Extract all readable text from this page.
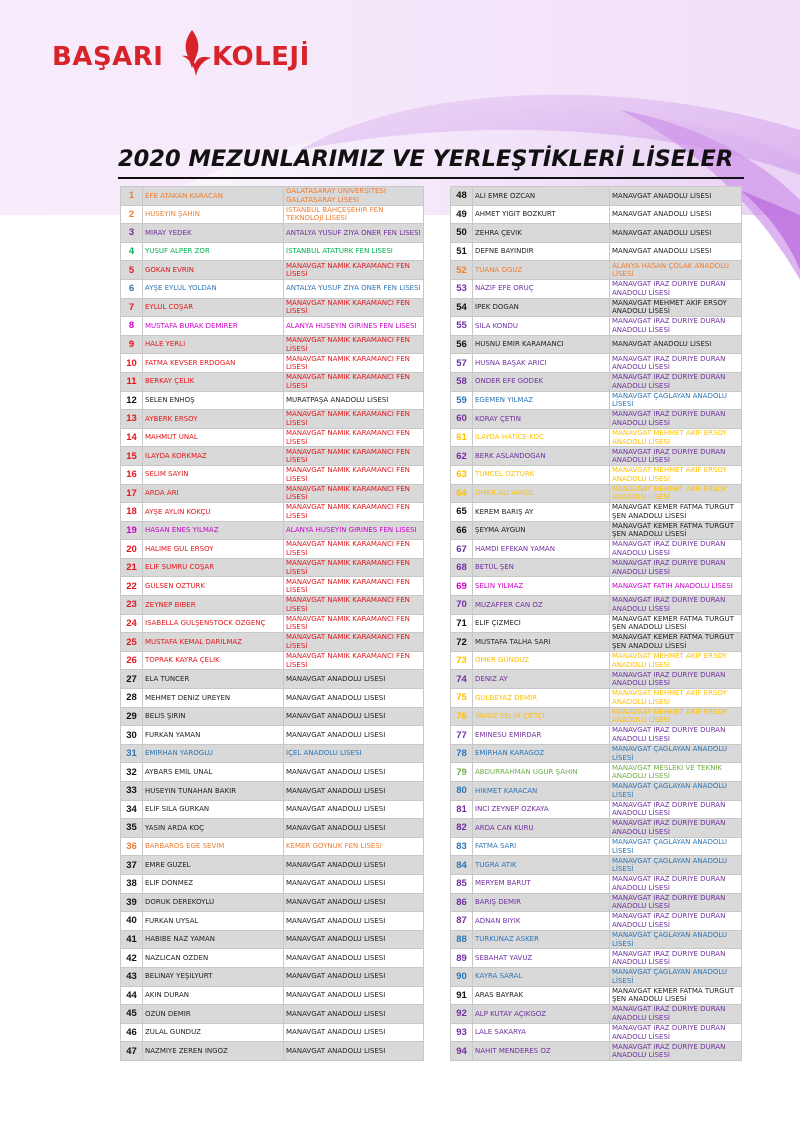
BAŞARI KOLEJİ
2020 MEZUNLARIMIZ VE YERLEŞTİKLERİ LİSELER
1	EFE ATAKAN KARACAN	GALATASARAY ÜNİVERSİTESİ GALATASARAY LİSESİ

2	HÜSEYİN ŞAHİN	İSTANBUL BAHÇEŞEHİR FEN TEKNOLOJİ LİSESİ

3	MİRAY YEDEK	ANTALYA YUSUF ZİYA ÖNER FEN LİSESİ

4	YUSUF ALPER ZOR	İSTANBUL ATATÜRK FEN LİSESİ

5	GÖKAN EVRİN	MANAVGAT NAMIK KARAMANCI FEN LİSESİ

6	AYŞE EYLÜL YOLDAN	ANTALYA YUSUF ZİYA ÖNER FEN LİSESİ

7	EYLÜL COŞAR	MANAVGAT NAMIK KARAMANCI FEN LİSESİ

8	MUSTAFA BURAK DEMİRER	ALANYA HÜSEYİN GİRİNES FEN LİSESİ

9	HALE YERLİ	MANAVGAT NAMIK KARAMANCI FEN LİSESİ

10	FATMA KEVSER ERDOĞAN	MANAVGAT NAMIK KARAMANCI FEN LİSESİ

11	BERKAY ÇELİK	MANAVGAT NAMIK KARAMANCI FEN LİSESİ

12	SELEN ENHOŞ	MURATPAŞA ANADOLU LİSESİ

13	AYBERK ERSOY	MANAVGAT NAMIK KARAMANCI FEN LİSESİ

14	MAHMUT ÜNAL	MANAVGAT NAMIK KARAMANCI FEN LİSESİ

15	İLAYDA KORKMAZ	MANAVGAT NAMIK KARAMANCI FEN LİSESİ

16	SELİM SAYIN	MANAVGAT NAMIK KARAMANCI FEN LİSESİ

17	ARDA ARI	MANAVGAT NAMIK KARAMANCI FEN LİSESİ

18	AYŞE AYLİN KÖKÇÜ	MANAVGAT NAMIK KARAMANCI FEN LİSESİ

19	HASAN ENES YILMAZ	ALANYA HÜSEYİN GİRİNES FEN LİSESİ

20	HALİME GÜL ERSOY	MANAVGAT NAMIK KARAMANCI FEN LİSESİ

21	ELİF SUMRU COŞAR	MANAVGAT NAMIK KARAMANCI FEN LİSESİ

22	GÜLSEN ÖZTÜRK	MANAVGAT NAMIK KARAMANCI FEN LİSESİ

23	ZEYNEP BİBER	MANAVGAT NAMIK KARAMANCI FEN LİSESİ

24	ISABELLA GÜLŞENSTOCK ÖZGENÇ	MANAVGAT NAMIK KARAMANCI FEN LİSESİ

25	MUSTAFA KEMAL DARILMAZ	MANAVGAT NAMIK KARAMANCI FEN LİSESİ

26	TOPRAK KAYRA ÇELİK	MANAVGAT NAMIK KARAMANCI FEN LİSESİ

27	ELA TUNCER	MANAVGAT ANADOLU LİSESİ

28	MEHMET DENİZ ÜREYEN	MANAVGAT ANADOLU LİSESİ

29	BELİS ŞİRİN	MANAVGAT ANADOLU LİSESİ

30	FURKAN YAMAN	MANAVGAT ANADOLU LİSESİ

31	EMİRHAN YAROĞLU	İÇEL ANADOLU LİSESİ

32	AYBARS EMİL ÜNAL	MANAVGAT ANADOLU LİSESİ

33	HÜSEYİN TUNAHAN BAKIR	MANAVGAT ANADOLU LİSESİ

34	ELİF SILA GÜRKAN	MANAVGAT ANADOLU LİSESİ

35	YASİN ARDA KOÇ	MANAVGAT ANADOLU LİSESİ

36	BARBAROS EGE SEVİM	KEMER GÖYNÜK FEN LİSESİ

37	EMRE GÜZEL	MANAVGAT ANADOLU LİSESİ

38	ELİF DÖNMEZ	MANAVGAT ANADOLU LİSESİ

39	DORUK DEREKÖYLÜ	MANAVGAT ANADOLU LİSESİ

40	FURKAN UYSAL	MANAVGAT ANADOLU LİSESİ

41	HABİBE NAZ YAMAN	MANAVGAT ANADOLU LİSESİ

42	NAZLICAN ÖZDEN	MANAVGAT ANADOLU LİSESİ

43	BELİNAY YEŞİLYURT	MANAVGAT ANADOLU LİSESİ

44	AKIN DURAN	MANAVGAT ANADOLU LİSESİ

45	ÖZÜN DEMİR	MANAVGAT ANADOLU LİSESİ

46	ZÜLAL GÜNDÜZ	MANAVGAT ANADOLU LİSESİ

47	NAZMİYE ZEREN İNGÖZ	MANAVGAT ANADOLU LİSESİ
48	ALİ EMRE ÖZCAN	MANAVGAT ANADOLU LİSESİ

49	AHMET YİĞİT BOZKURT	MANAVGAT ANADOLU LİSESİ

50	ZEHRA ÇEVİK	MANAVGAT ANADOLU LİSESİ

51	DEFNE BAYINDIR	MANAVGAT ANADOLU LİSESİ

52	TUANA OĞUZ	ALANYA HASAN ÇOLAK ANADOLU LİSESİ

53	NAZİF EFE ORUÇ	MANAVGAT IRAZ DÜRİYE DURAN ANADOLU LİSESİ

54	İPEK DOĞAN	MANAVGAT MEHMET AKİF ERSOY ANADOLU LİSESİ

55	SILA KONDU	MANAVGAT IRAZ DÜRİYE DURAN ANADOLU LİSESİ

56	HÜSNÜ EMİR KARAMANCI	MANAVGAT ANADOLU LİSESİ

57	HÜSNA BAŞAK ARICI	MANAVGAT IRAZ DÜRİYE DURAN ANADOLU LİSESİ

58	ÖNDER EFE GÖDEK	MANAVGAT IRAZ DÜRİYE DURAN ANADOLU LİSESİ

59	EGEMEN YILMAZ	MANAVGAT ÇAĞLAYAN ANADOLU LİSESİ

60	KORAY ÇETİN	MANAVGAT IRAZ DÜRİYE DURAN ANADOLU LİSESİ

61	İLAYDA HATİCE KOÇ	MANAVGAT MEHMET AKİF ERSOY ANADOLU LİSESİ

62	BERK ASLANDOĞAN	MANAVGAT IRAZ DÜRİYE DURAN ANADOLU LİSESİ

63	TUNCEL ÖZTÜRK	MANAVGAT MEHMET AKİF ERSOY ANADOLU LİSESİ

64	ÖMER ALİ VAROL	MANAVGAT MEHMET AKİF ERSOY ANADOLU LİSESİ

65	KEREM BARIŞ AY	MANAVGAT KEMER FATMA TURGUT ŞEN ANADOLU LİSESİ

66	ŞEYMA AYGÜN	MANAVGAT KEMER FATMA TURGUT ŞEN ANADOLU LİSESİ

67	HAMDİ EFEKAN YAMAN	MANAVGAT IRAZ DÜRİYE DURAN ANADOLU LİSESİ

68	BETÜL ŞEN	MANAVGAT IRAZ DÜRİYE DURAN ANADOLU LİSESİ

69	SELİN YILMAZ	MANAVGAT FATİH ANADOLU LİSESİ

70	MUZAFFER CAN ÖZ	MANAVGAT IRAZ DÜRİYE DURAN ANADOLU LİSESİ

71	ELİF ÇİZMECİ	MANAVGAT KEMER FATMA TURGUT ŞEN ANADOLU LİSESİ

72	MUSTAFA TALHA SARI	MANAVGAT KEMER FATMA TURGUT ŞEN ANADOLU LİSESİ

73	ÖMER GÜNDÜZ	MANAVGAT MEHMET AKİF ERSOY ANADOLU LİSESİ

74	DENİZ AY	MANAVGAT IRAZ DÜRİYE DURAN ANADOLU LİSESİ

75	GÜLBEYAZ DEMİR	MANAVGAT MEHMET AKİF ERSOY ANADOLU LİSESİ

76	YAVUZ SELİM ÇİFTÇİ	MANAVGAT MEHMET AKİF ERSOY ANADOLU LİSESİ

77	EMİNESU EMİRDAR	MANAVGAT IRAZ DÜRİYE DURAN ANADOLU LİSESİ

78	EMİRHAN KARAGÖZ	MANAVGAT ÇAĞLAYAN ANADOLU LİSESİ

79	ABDURRAHMAN UĞUR ŞAHİN	MANAVGAT MESLEKİ VE TEKNİK ANADOLU LİSESİ

80	HİKMET KARACAN	MANAVGAT ÇAĞLAYAN ANADOLU LİSESİ

81	İNCİ ZEYNEP ÖZKAYA	MANAVGAT IRAZ DÜRİYE DURAN ANADOLU LİSESİ

82	ARDA CAN KURU	MANAVGAT IRAZ DÜRİYE DURAN ANADOLU LİSESİ

83	FATMA SARI	MANAVGAT ÇAĞLAYAN ANADOLU LİSESİ

84	TUĞRA ATİK	MANAVGAT ÇAĞLAYAN ANADOLU LİSESİ

85	MERYEM BARUT	MANAVGAT IRAZ DÜRİYE DURAN ANADOLU LİSESİ

86	BARIŞ DEMİR	MANAVGAT IRAZ DÜRİYE DURAN ANADOLU LİSESİ

87	ADNAN BIYIK	MANAVGAT IRAZ DÜRİYE DURAN ANADOLU LİSESİ

88	TÜRKÜNAZ ASKER	MANAVGAT ÇAĞLAYAN ANADOLU LİSESİ

89	SEBAHAT YAVUZ	MANAVGAT IRAZ DÜRİYE DURAN ANADOLU LİSESİ

90	KAYRA SARAL	MANAVGAT ÇAĞLAYAN ANADOLU LİSESİ

91	ARAS BAYRAK	MANAVGAT KEMER FATMA TURGUT ŞEN ANADOLU LİSESİ

92	ALP KUTAY AÇIKGÖZ	MANAVGAT IRAZ DÜRİYE DURAN ANADOLU LİSESİ

93	LALE SAKARYA	MANAVGAT IRAZ DÜRİYE DURAN ANADOLU LİSESİ

94	NAHİT MENDERES ÖZ	MANAVGAT IRAZ DÜRİYE DURAN ANADOLU LİSESİ
